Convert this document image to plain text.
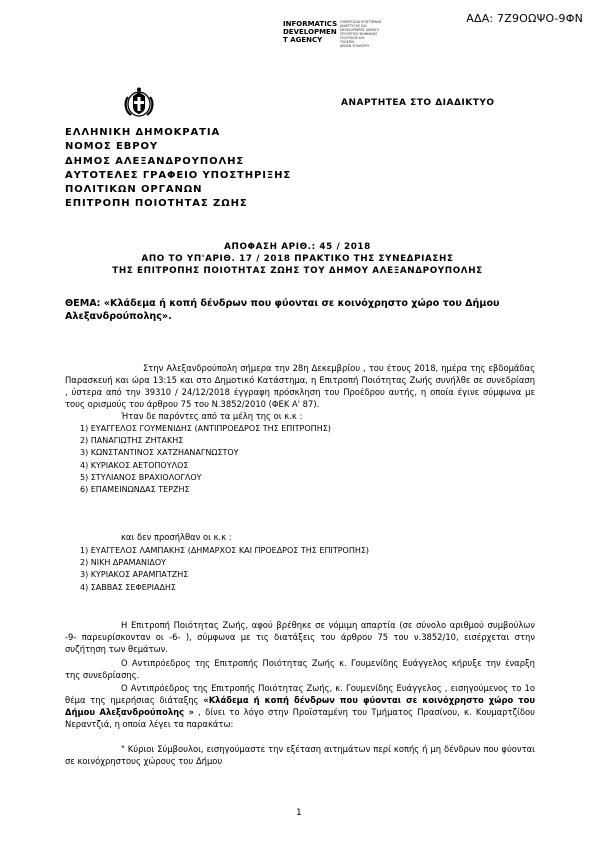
ΑΔΑ: 7Ζ9ΟΩΨΟ-9ΦΝ
INFORMATICS
DEVELOPMEN
T AGENCY
ΣΥΝΕΡΓΑΣΙΑ ΕΠΙΣΤΗΜΩΝ
ΑΝΑΠΤΥΞΗΣ ΚΑΙ
DEVELOPMENT AGENCY
ΥΠΟΥΡΓΕΙΟ ΨΗΦΙΑΚΗΣ
ΠΟΛΙΤΙΚΗΣ ΚΑΙ
ΤΗΛΕΠΙΚ.
ΔΕΚΑΝ ΥΠΑΙΘΡΟΥ
ΑΝΑΡΤΗΤΕΑ ΣΤΟ ΔΙΑΔΙΚΤΥΟ
ΕΛΛΗΝΙΚΗ ΔΗΜΟΚΡΑΤΙΑ
ΝΟΜΟΣ ΕΒΡΟΥ
ΔΗΜΟΣ ΑΛΕΞΑΝΔΡΟΥΠΟΛΗΣ
ΑΥΤΟΤΕΛΕΣ ΓΡΑΦΕΙΟ ΥΠΟΣΤΗΡΙΞΗΣ
ΠΟΛΙΤΙΚΩΝ ΟΡΓΑΝΩΝ
ΕΠΙΤΡΟΠΗ ΠΟΙΟΤΗΤΑΣ ΖΩΗΣ
ΑΠΟΦΑΣΗ ΑΡΙΘ.: 45 / 2018
ΑΠΟ ΤΟ ΥΠ'ΑΡΙΘ. 17 / 2018 ΠΡΑΚΤΙΚΟ ΤΗΣ ΣΥΝΕΔΡΙΑΣΗΣ
ΤΗΣ ΕΠΙΤΡΟΠΗΣ ΠΟΙΟΤΗΤΑΣ ΖΩΗΣ ΤΟΥ ΔΗΜΟΥ ΑΛΕΞΑΝΔΡΟΥΠΟΛΗΣ
ΘΕΜΑ: «Κλάδεμα ή κοπή δένδρων που φύονται σε κοινόχρηστο χώρο του Δήμου Αλεξανδρούπολης».
Στην Αλεξανδρούπολη σήμερα την 28η Δεκεμβρίου , του έτους 2018, ημέρα της εβδομάδας Παρασκευή και ώρα 13:15 και στο Δημοτικό Κατάστημα, η Επιτροπή Ποιότητας Ζωής συνήλθε σε συνεδρίαση , ύστερα από την 39310 / 24/12/2018 έγγραφη πρόσκληση του Προέδρου αυτής, η οποία έγινε σύμφωνα με τους ορισμούς του άρθρου 75 του Ν.3852/2010 (ΦΕΚ Α' 87).
Ήταν δε παρόντες από τα μέλη της οι κ.κ :
1) ΕΥΑΓΓΕΛΟΣ ΓΟΥΜΕΝΙΔΗΣ (ΑΝΤΙΠΡΟΕΔΡΟΣ ΤΗΣ ΕΠΙΤΡΟΠΗΣ)
2) ΠΑΝΑΓΙΩΤΗΣ ΖΗΤΑΚΗΣ
3) ΚΩΝΣΤΑΝΤΙΝΟΣ ΧΑΤΖΗΑΝΑΓΝΩΣΤΟΥ
4) ΚΥΡΙΑΚΟΣ ΑΕΤΟΠΟΥΛΟΣ
5) ΣΤΥΛΙΑΝΟΣ ΒΡΑΧΙΟΛΟΓΛΟΥ
6) ΕΠΑΜΕΙΝΩΝΔΑΣ ΤΕΡΖΗΣ
και δεν προσήλθαν οι κ.κ :
1) ΕΥΑΓΓΕΛΟΣ ΛΑΜΠΑΚΗΣ (ΔΗΜΑΡΧΟΣ ΚΑΙ ΠΡΟΕΔΡΟΣ ΤΗΣ ΕΠΙΤΡΟΠΗΣ)
2) ΝΙΚΗ ΔΡΑΜΑΝΙΔΟΥ
3) ΚΥΡΙΑΚΟΣ ΑΡΑΜΠΑΤΖΗΣ
4) ΣΑΒΒΑΣ ΣΕΦΕΡΙΑΔΗΣ
Η Επιτροπή Ποιότητας Ζωής, αφού βρέθηκε σε νόμιμη απαρτία (σε σύνολο αριθμού συμβούλων -9- παρευρίσκονταν οι -6- ), σύμφωνα με τις διατάξεις του άρθρου 75 του ν.3852/10, εισέρχεται στην συζήτηση των θεμάτων.
Ο Αντιπρόεδρος της Επιτροπής Ποιότητας Ζωής κ. Γουμενίδης Ευάγγελος κήρυξε την έναρξη της συνεδρίασης.
Ο Αντιπρόεδρος της Επιτροπής Ποιότητας Ζωής, κ. Γουμενίδης Ευάγγελος , εισηγούμενος το 1ο θέμα της ημερήσιας διάταξης «Κλάδεμα ή κοπή δένδρων που φύονται σε κοινόχρηστο χώρο του Δήμου Αλεξανδρούπολης » , δίνει το λόγο στην Προϊσταμένη του Τμήματος Πρασίνου, κ. Κουμαρτζίδου Νεραντζιά, η οποία λέγει τα παρακάτω:
" Κύριοι Σύμβουλοι, εισηγούμαστε την εξέταση αιτημάτων περί κοπής ή μη δένδρων που φύονται σε κοινόχρηστους χώρους του Δήμου
1
